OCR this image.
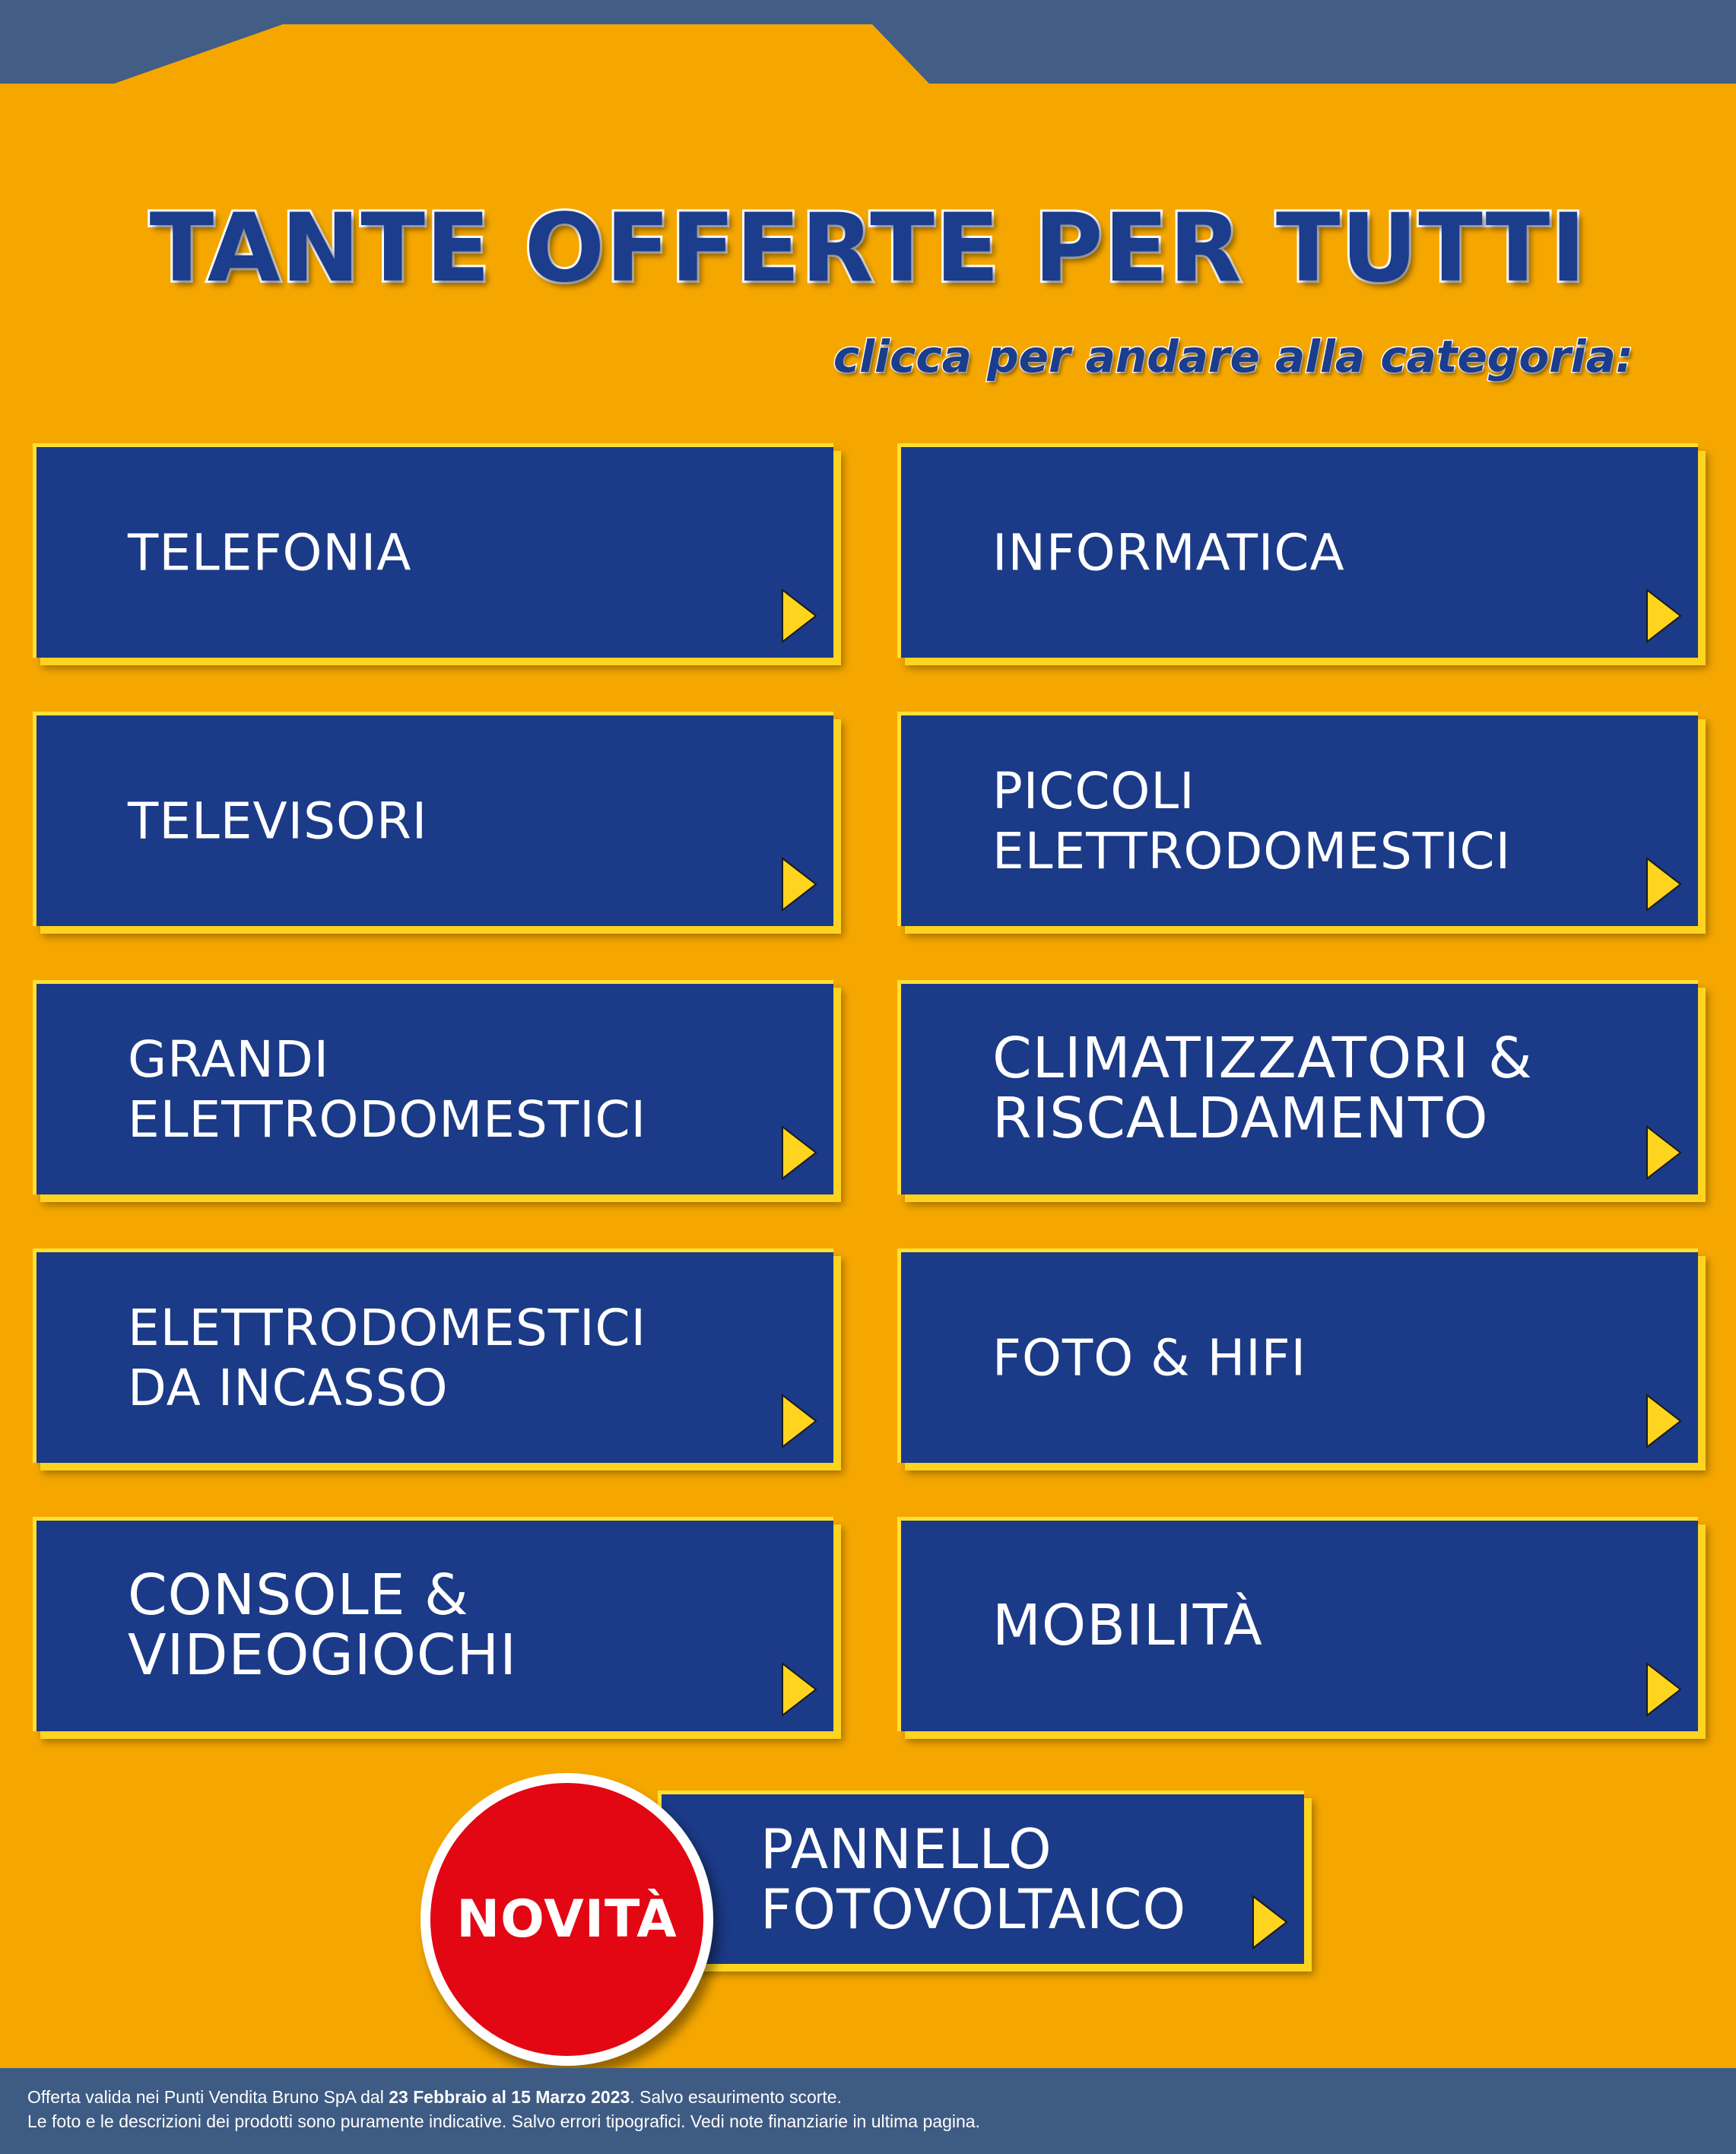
TANTE OFFERTE PER TUTTI
clicca per andare alla categoria:
TELEFONIA	INFORMATICA
TELEVISORI
PICCOLI
ELETTRODOMESTICI
GRANDI
ELETTRODOMESTICI
CLIMATIZZATORI &
RISCALDAMENTO
ELETTRODOMESTICI
DA INCASSO
FOTO & HIFI
CONSOLE &
VIDEOGIOCHI	MOBILITÀ
PANNELLO
FOTOVOLTAICO
NOVITÀ
Offerta valida nei Punti Vendita Bruno SpA dal 23 Febbraio al 15 Marzo 2023. Salvo esaurimento scorte.
Le foto e le descrizioni dei prodotti sono puramente indicative. Salvo errori tipografici. Vedi note finanziarie in ultima pagina.
